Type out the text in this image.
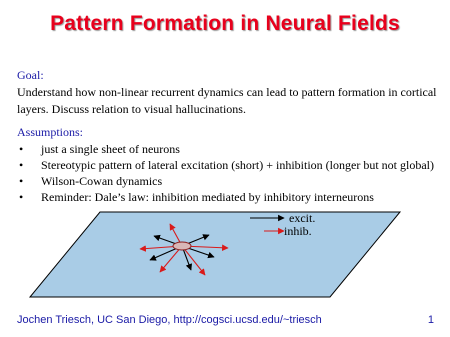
Pattern Formation in Neural Fields
Goal:
Understand how non-linear recurrent dynamics can lead to pattern formation in cortical layers. Discuss relation to visual hallucinations.
Assumptions:
• just a single sheet of neurons
• Stereotypic pattern of lateral excitation (short) + inhibition (longer but not global)
• Wilson-Cowan dynamics
• Reminder: Dale’s law: inhibition mediated by inhibitory interneurons
excit.
inhib.
Jochen Triesch, UC San Diego, http://cogsci.ucsd.edu/~triesch	1
